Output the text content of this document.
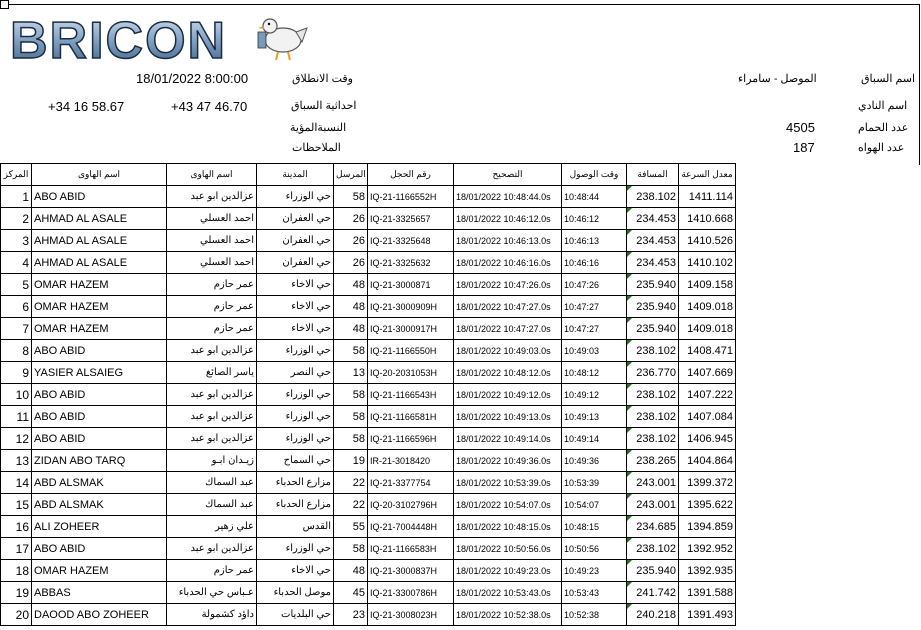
BRICON
وقت الانطلاق
18/01/2022 8:00:00
احداثية السباق
+34 16 58.67	+43 47 46.70
النسبةالمؤية
الملاحظات
اسم السباق
الموصل - سامراء
اسم النادي
عدد الحمام
4505
عدد الهواه
187
المركز	اسم الهاوى	اسم الهاوى	المدينة	المرسل	رقم الحجل	التصحيح	وقت الوصول	المسافة	معدل السرعة
1	ABO ABID	عزالدين ابو عبد	حي الوزراء	58	IQ-21-1166552H	18/01/2022 10:48:44.0s	10:48:44	238.102	1411.114
2	AHMAD AL ASALE	احمد العسلي	حي العفران	26	IQ-21-3325657	18/01/2022 10:46:12.0s	10:46:12	234.453	1410.668
3	AHMAD AL ASALE	احمد العسلي	حي العفران	26	IQ-21-3325648	18/01/2022 10:46:13.0s	10:46:13	234.453	1410.526
4	AHMAD AL ASALE	احمد العسلي	حي العفران	26	IQ-21-3325632	18/01/2022 10:46:16.0s	10:46:16	234.453	1410.102
5	OMAR HAZEM	عمر حازم	حي الاخاء	48	IQ-21-3000871	18/01/2022 10:47:26.0s	10:47:26	235.940	1409.158
6	OMAR HAZEM	عمر حازم	حي الاخاء	48	IQ-21-3000909H	18/01/2022 10:47:27.0s	10:47:27	235.940	1409.018
7	OMAR HAZEM	عمر حازم	حي الاخاء	48	IQ-21-3000917H	18/01/2022 10:47:27.0s	10:47:27	235.940	1409.018
8	ABO ABID	عزالدين ابو عبد	حي الوزراء	58	IQ-21-1166550H	18/01/2022 10:49:03.0s	10:49:03	238.102	1408.471
9	YASIER ALSAIEG	ياسر الصائغ	حي النصر	13	IQ-20-2031053H	18/01/2022 10:48:12.0s	10:48:12	236.770	1407.669
10	ABO ABID	عزالدين ابو عبد	حي الوزراء	58	IQ-21-1166543H	18/01/2022 10:49:12.0s	10:49:12	238.102	1407.222
11	ABO ABID	عزالدين ابو عبد	حي الوزراء	58	IQ-21-1166581H	18/01/2022 10:49:13.0s	10:49:13	238.102	1407.084
12	ABO ABID	عزالدين ابو عبد	حي الوزراء	58	IQ-21-1166596H	18/01/2022 10:49:14.0s	10:49:14	238.102	1406.945
13	ZIDAN ABO TARQ	زيـدان ابـو	حي السماح	19	IR-21-3018420	18/01/2022 10:49:36.0s	10:49:36	238.265	1404.864
14	ABD ALSMAK	عبد السماك	مزارع الحدباء	22	IQ-21-3377754	18/01/2022 10:53:39.0s	10:53:39	243.001	1399.372
15	ABD ALSMAK	عبد السماك	مزارع الحدباء	22	IQ-20-3102796H	18/01/2022 10:54:07.0s	10:54:07	243.001	1395.622
16	ALI ZOHEER	علي زهير	القدس	55	IQ-21-7004448H	18/01/2022 10:48:15.0s	10:48:15	234.685	1394.859
17	ABO ABID	عزالدين ابو عبد	حي الوزراء	58	IQ-21-1166583H	18/01/2022 10:50:56.0s	10:50:56	238.102	1392.952
18	OMAR HAZEM	عمر حازم	حي الاخاء	48	IQ-21-3000837H	18/01/2022 10:49:23.0s	10:49:23	235.940	1392.935
19	ABBAS	عـباس حي الحدباء	موصل الحدباء	45	IQ-21-3300786H	18/01/2022 10:53:43.0s	10:53:43	241.742	1391.588
20	DAOOD ABO ZOHEER	داؤد كشمولة	حي البلديات	23	IQ-21-3008023H	18/01/2022 10:52:38.0s	10:52:38	240.218	1391.493
